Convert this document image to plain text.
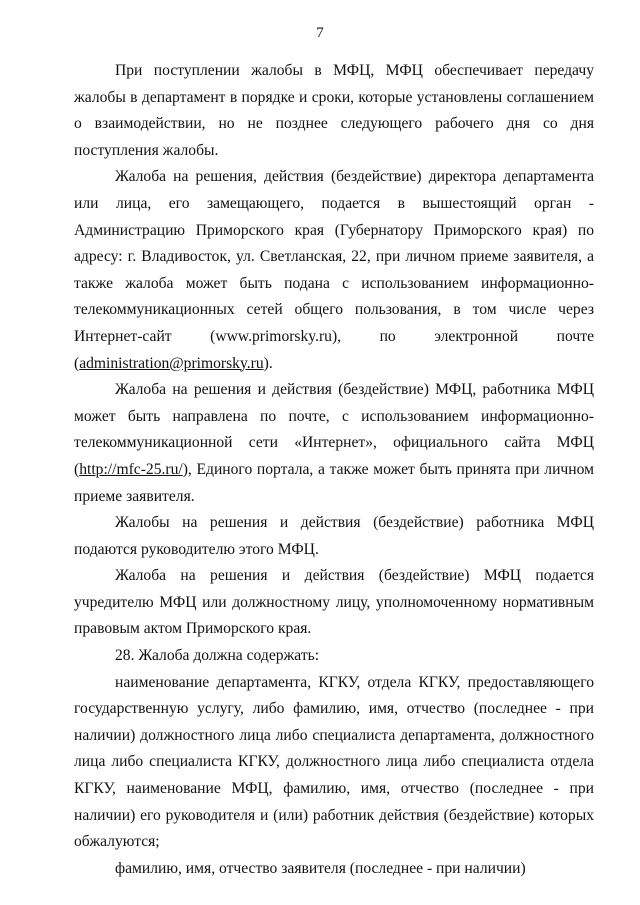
7

При поступлении жалобы в МФЦ, МФЦ обеспечивает передачу жалобы в департамент в порядке и сроки, которые установлены соглашением о взаимодействии, но не позднее следующего рабочего дня со дня поступления жалобы.

Жалоба на решения, действия (бездействие) директора департамента или лица, его замещающего, подается в вышестоящий орган - Администрацию Приморского края (Губернатору Приморского края) по адресу: г. Владивосток, ул. Светланская, 22, при личном приеме заявителя, а также жалоба может быть подана с использованием информационно-телекоммуникационных сетей общего пользования, в том числе через Интернет-сайт (www.primorsky.ru), по электронной почте (administration@primorsky.ru).

Жалоба на решения и действия (бездействие) МФЦ, работника МФЦ может быть направлена по почте, с использованием информационно-телекоммуникационной сети «Интернет», официального сайта МФЦ (http://mfc-25.ru/), Единого портала, а также может быть принята при личном приеме заявителя.

Жалобы на решения и действия (бездействие) работника МФЦ подаются руководителю этого МФЦ.

Жалоба на решения и действия (бездействие) МФЦ подается учредителю МФЦ или должностному лицу, уполномоченному нормативным правовым актом Приморского края.

28. Жалоба должна содержать:

наименование департамента, КГКУ, отдела КГКУ, предоставляющего государственную услугу, либо фамилию, имя, отчество (последнее - при наличии) должностного лица либо специалиста департамента, должностного лица либо специалиста КГКУ, должностного лица либо специалиста отдела КГКУ, наименование МФЦ, фамилию, имя, отчество (последнее - при наличии) его руководителя и (или) работник действия (бездействие) которых обжалуются;

фамилию, имя, отчество заявителя (последнее - при наличии)
